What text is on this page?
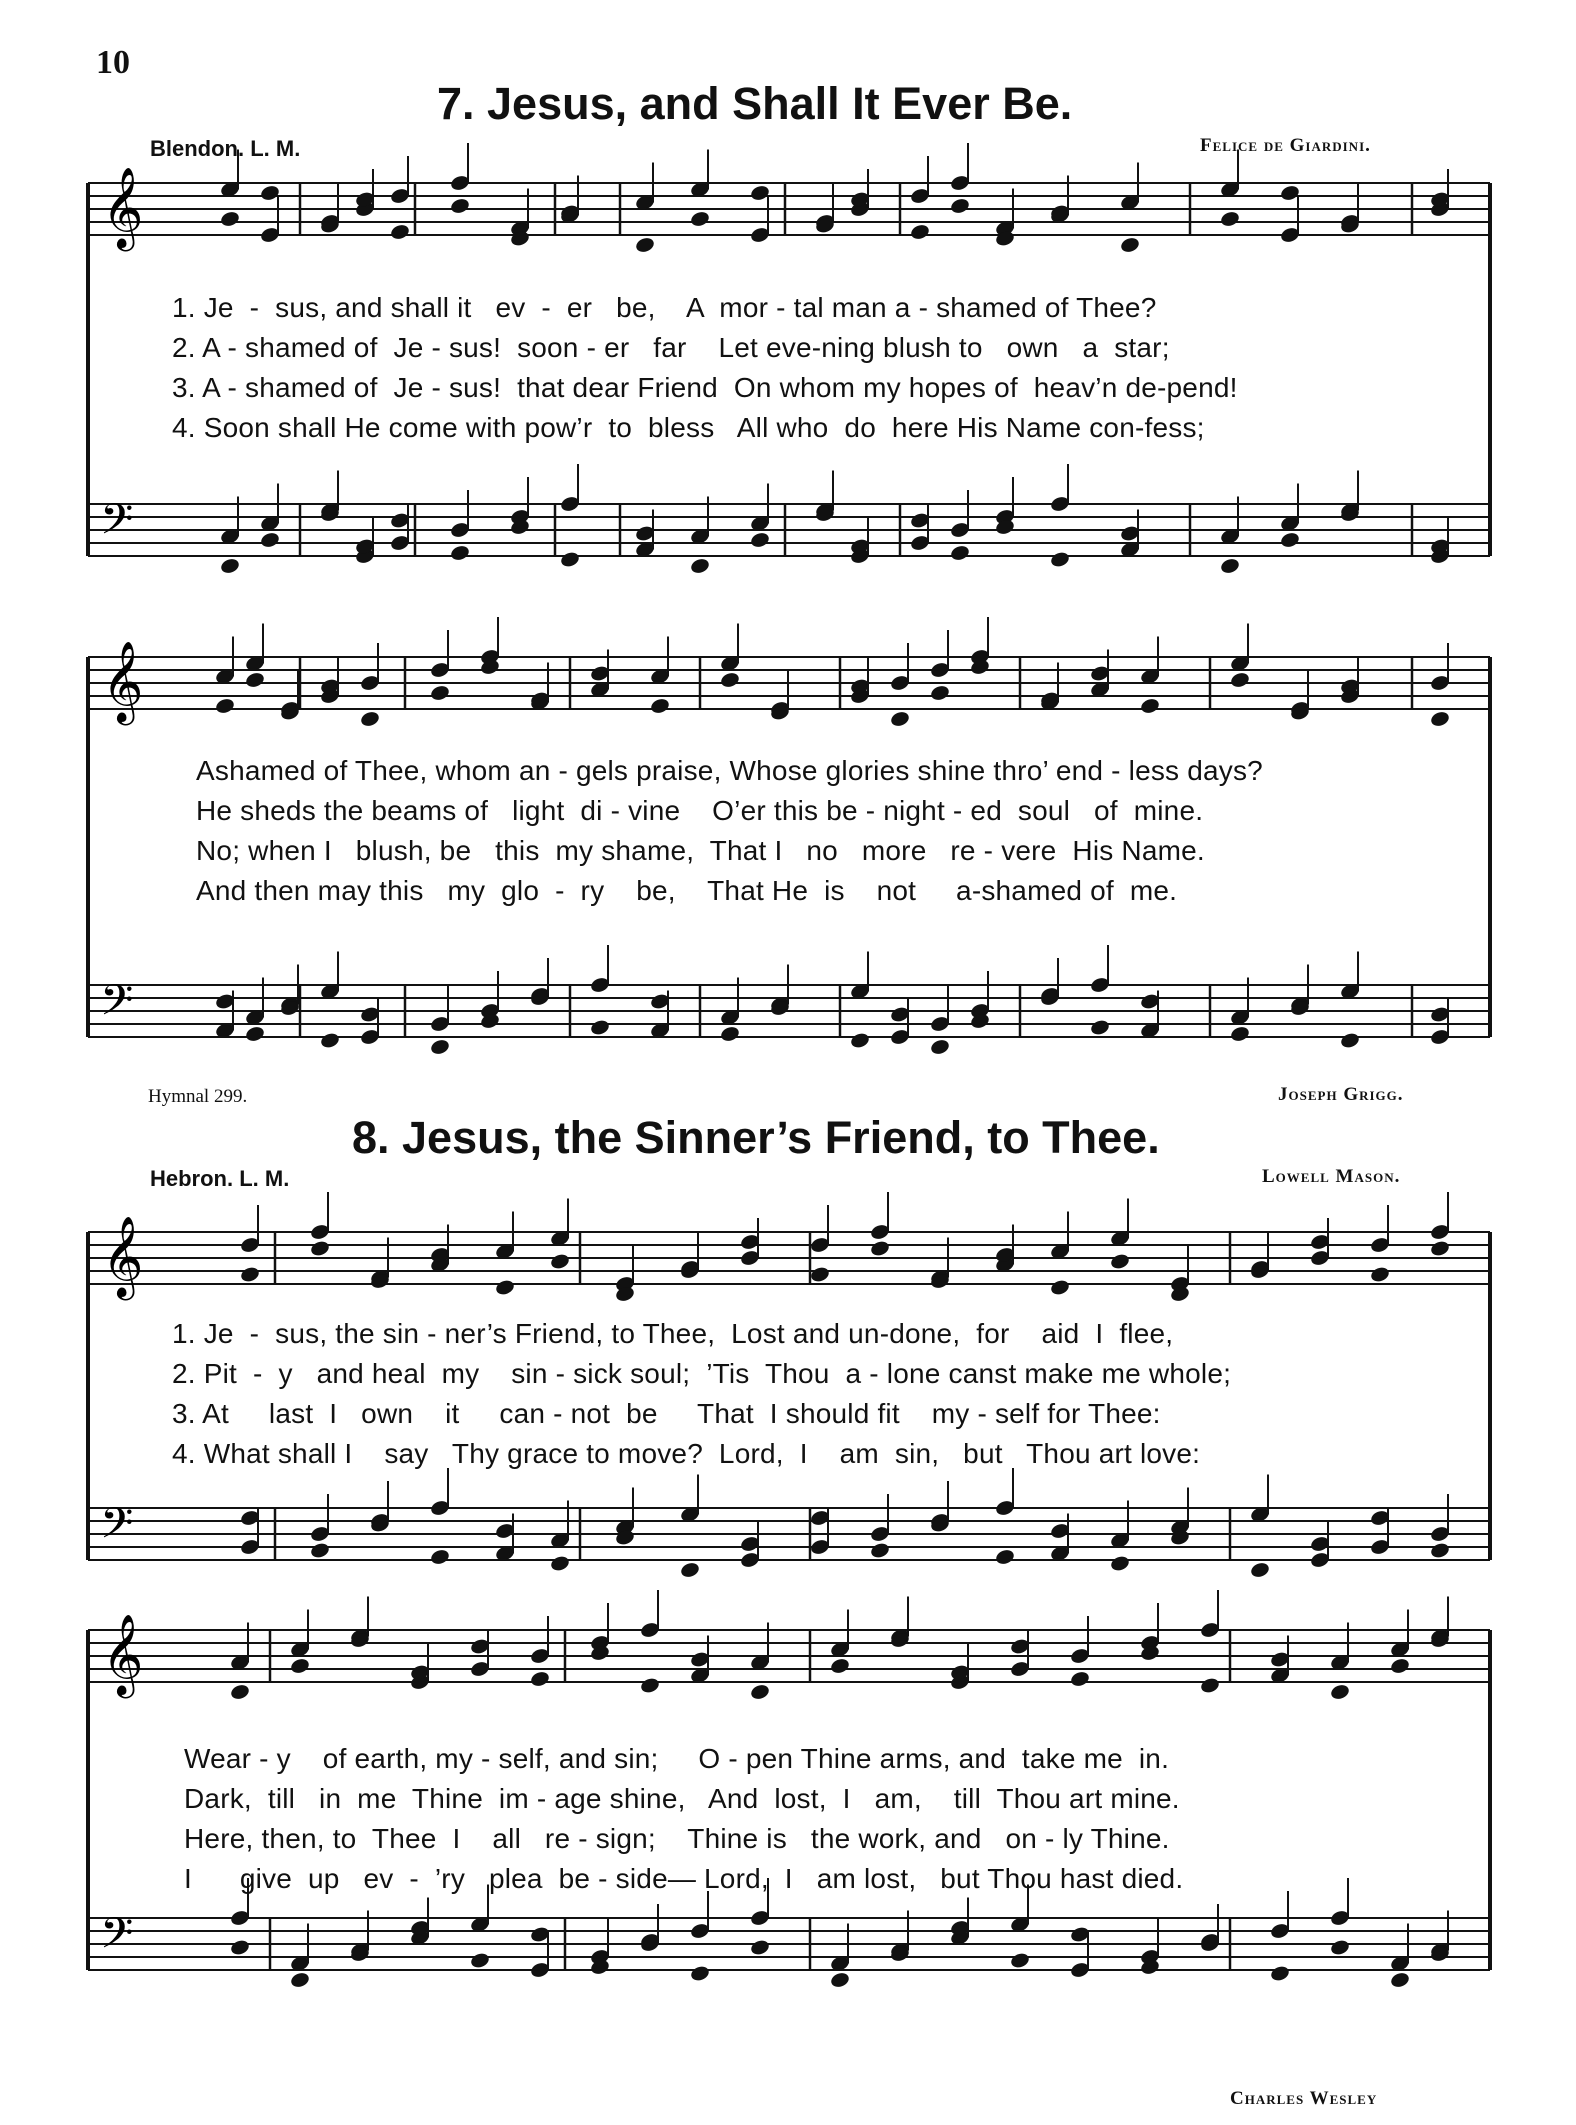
10
7. Jesus, and Shall It Ever Be.
Blendon. L. M.	Felice de Giardini.
𝄞
𝄢
𝄞
𝄢
𝄞
𝄢
𝄞
𝄢
1. Je  -  sus, and shall it   ev  -  er   be,    A  mor - tal man a - shamed of Thee?
2. A - shamed of  Je - sus!  soon - er   far    Let eve-ning blush to   own   a  star;
3. A - shamed of  Je - sus!  that dear Friend  On whom my hopes of  heav’n de-pend!
4. Soon shall He come with pow’r  to  bless   All who  do  here His Name con-fess;
Ashamed of Thee, whom an - gels praise, Whose glories shine thro’ end - less days?
He sheds the beams of   light  di - vine    O’er this be - night - ed  soul   of  mine.
No; when I   blush, be   this  my shame,  That I   no   more   re - vere  His Name.
And then may this   my  glo  -  ry    be,    That He  is    not     a-shamed of  me.
Hymnal 299.	Joseph Grigg.
8. Jesus, the Sinner’s Friend, to Thee.
Hebron. L. M.	Lowell Mason.
1. Je  -  sus, the sin - ner’s Friend, to Thee,  Lost and un-done,  for    aid  I  flee,
2. Pit  -  y   and heal  my    sin - sick soul;  ’Tis  Thou  a - lone canst make me whole;
3. At     last  I   own    it     can - not  be     That  I should fit    my - self for Thee:
4. What shall I    say   Thy grace to move?  Lord,  I    am  sin,   but   Thou art love:
Wear - y    of earth, my - self, and sin;     O - pen Thine arms, and  take me  in.
Dark,  till   in  me  Thine  im - age shine,   And  lost,  I   am,    till  Thou art mine.
Here, then, to  Thee  I    all   re - sign;    Thine is   the work, and   on - ly Thine.
I      give  up   ev  -  ’ry   plea  be - side— Lord,  I   am lost,   but Thou hast died.
Charles Wesley
